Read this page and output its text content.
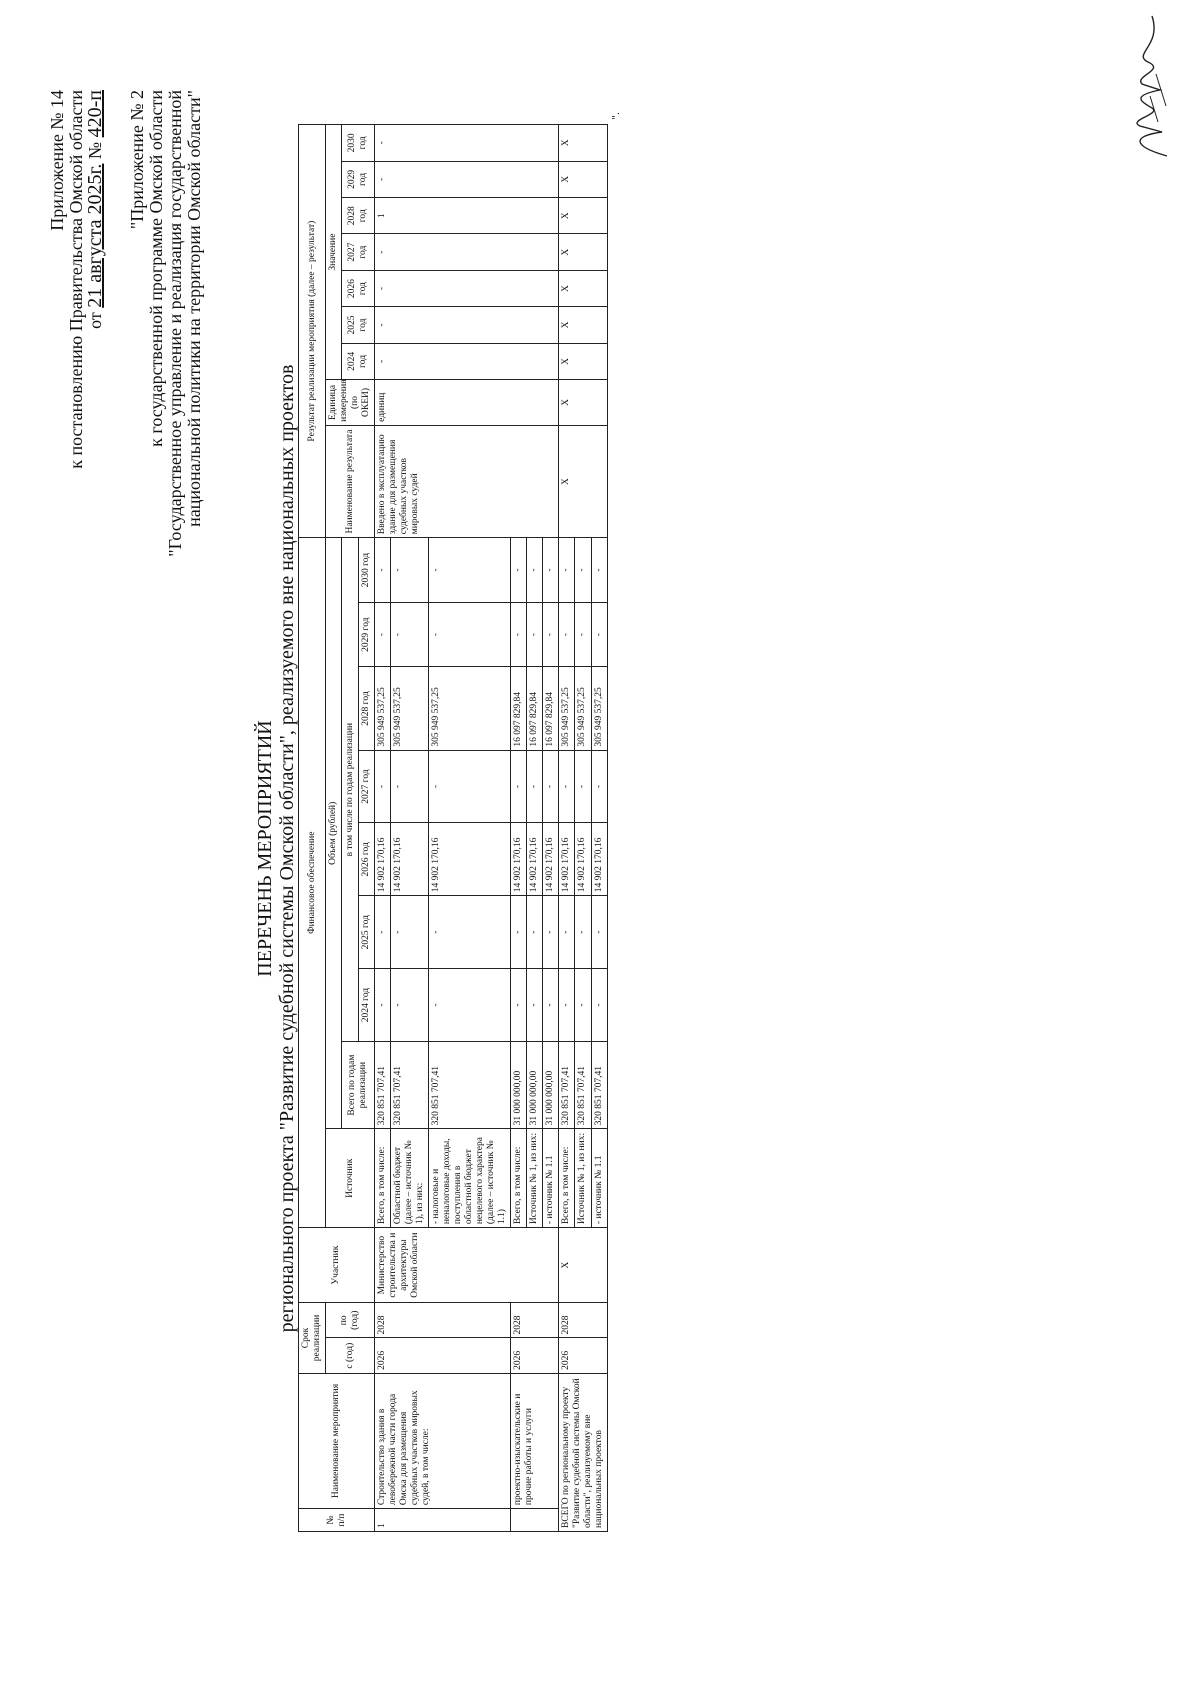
Приложение № 14 к постановлению Правительства Омской области от 21 августа 2025г. № 420-п "Приложение № 2 к государственной программе Омской области "Государственное управление и реализация государственной национальной политики на территории Омской области"
ПЕРЕЧЕНЬ МЕРОПРИЯТИЙ регионального проекта "Развитие судебной системы Омской области", реализуемого вне национальных проектов
№ п/п	Наименование мероприятия	Срок реализации		Участник	Финансовое обеспечение									Результат реализации мероприятия (далее – результат)								
		с (год)	по (год)		Источник	Объем (рублей)								Наименование результата	Единица измерения (по ОКЕИ)	Значение						
						Всего по годам реализации	в том числе по годам реализации									2024 год	2025 год	2026 год	2027 год	2028 год	2029 год	2030 год
							2024 год	2025 год	2026 год	2027 год	2028 год	2029 год	2030 год									
1	Строительство здания в левобережной части города Омска для размещения судебных участков мировых судей, в том числе:	2026	2028	Министерство строительства и архитектуры Омской области	Всего, в том числе:	320 851 707,41	-	-	14 902 170,16	-	305 949 537,25	-	-	Введено в эксплуатацию здание для размещения судебных участков мировых судей	единиц	-	-	-	-	1	-	-
					Областной бюджет (далее – источник № 1), из них:	320 851 707,41	-	-	14 902 170,16	-	305 949 537,25	-	-									
					- налоговые и неналоговые доходы, поступления в областной бюджет нецелевого характера (далее – источник № 1.1)	320 851 707,41	-	-	14 902 170,16	-	305 949 537,25	-	-									
	проектно-изыскательские и прочие работы и услуги	2026	2028		Всего, в том числе:	31 000 000,00	-	-	14 902 170,16	-	16 097 829,84	-	-									
					Источник № 1, из них:	31 000 000,00	-	-	14 902 170,16	-	16 097 829,84	-	-									
					- источник № 1.1	31 000 000,00	-	-	14 902 170,16	-	16 097 829,84	-	-									
ВСЕГО по региональному проекту "Развитие судебной системы Омской области", реализуемому вне национальных проектов		2026	2028	Х	Всего, в том числе:	320 851 707,41	-	-	14 902 170,16	-	305 949 537,25	-	-	Х	Х	Х	Х	Х	Х	Х	Х	Х
					Источник № 1, из них:	320 851 707,41	-	-	14 902 170,16	-	305 949 537,25	-	-									
					- источник № 1.1	320 851 707,41	-	-	14 902 170,16	-	305 949 537,25	-	-									
".
